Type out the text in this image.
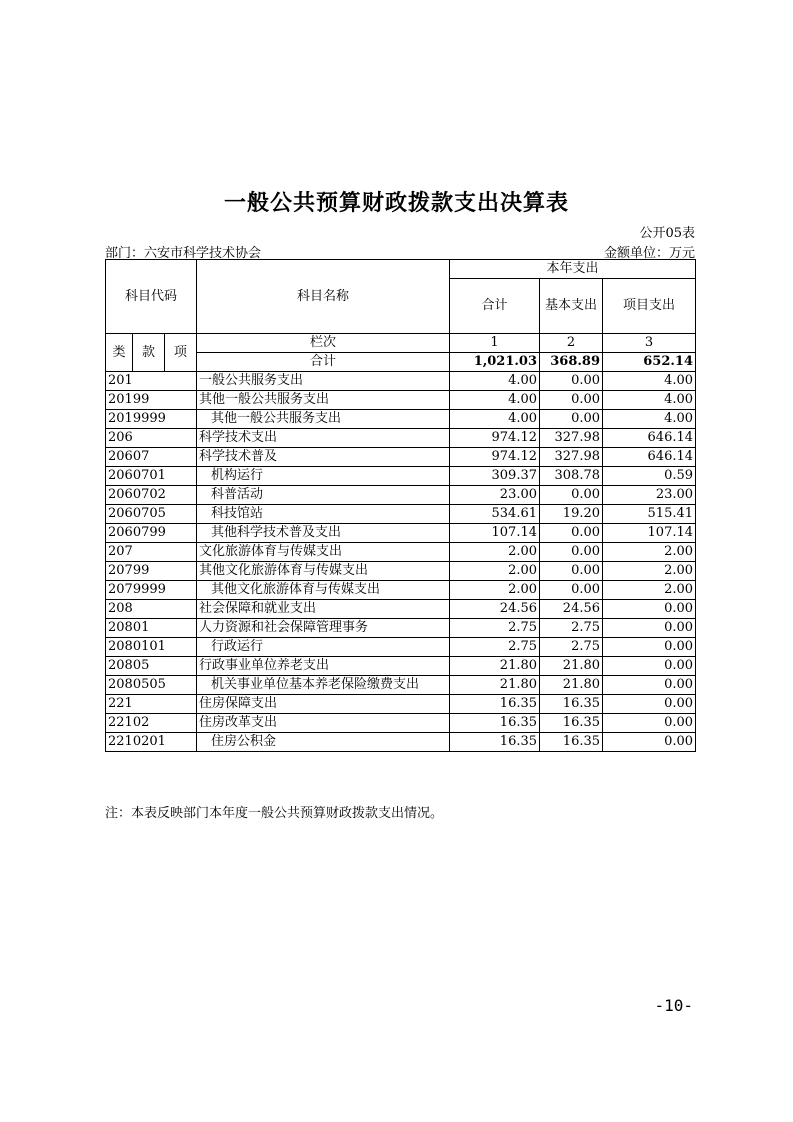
一般公共预算财政拨款支出决算表
公开05表
部门：六安市科学技术协会	金额单位：万元
科目代码			科目名称	本年支出		
				合计	基本支出	项目支出
类	款	项	栏次	1	2	3
			合计	1,021.03	368.89	652.14
201			一般公共服务支出	4.00	0.00	4.00
20199			其他一般公共服务支出	4.00	0.00	4.00
2019999			其他一般公共服务支出	4.00	0.00	4.00
206			科学技术支出	974.12	327.98	646.14
20607			科学技术普及	974.12	327.98	646.14
2060701			机构运行	309.37	308.78	0.59
2060702			科普活动	23.00	0.00	23.00
2060705			科技馆站	534.61	19.20	515.41
2060799			其他科学技术普及支出	107.14	0.00	107.14
207			文化旅游体育与传媒支出	2.00	0.00	2.00
20799			其他文化旅游体育与传媒支出	2.00	0.00	2.00
2079999			其他文化旅游体育与传媒支出	2.00	0.00	2.00
208			社会保障和就业支出	24.56	24.56	0.00
20801			人力资源和社会保障管理事务	2.75	2.75	0.00
2080101			行政运行	2.75	2.75	0.00
20805			行政事业单位养老支出	21.80	21.80	0.00
2080505			机关事业单位基本养老保险缴费支出	21.80	21.80	0.00
221			住房保障支出	16.35	16.35	0.00
22102			住房改革支出	16.35	16.35	0.00
2210201			住房公积金	16.35	16.35	0.00
注：本表反映部门本年度一般公共预算财政拨款支出情况。
-10-
